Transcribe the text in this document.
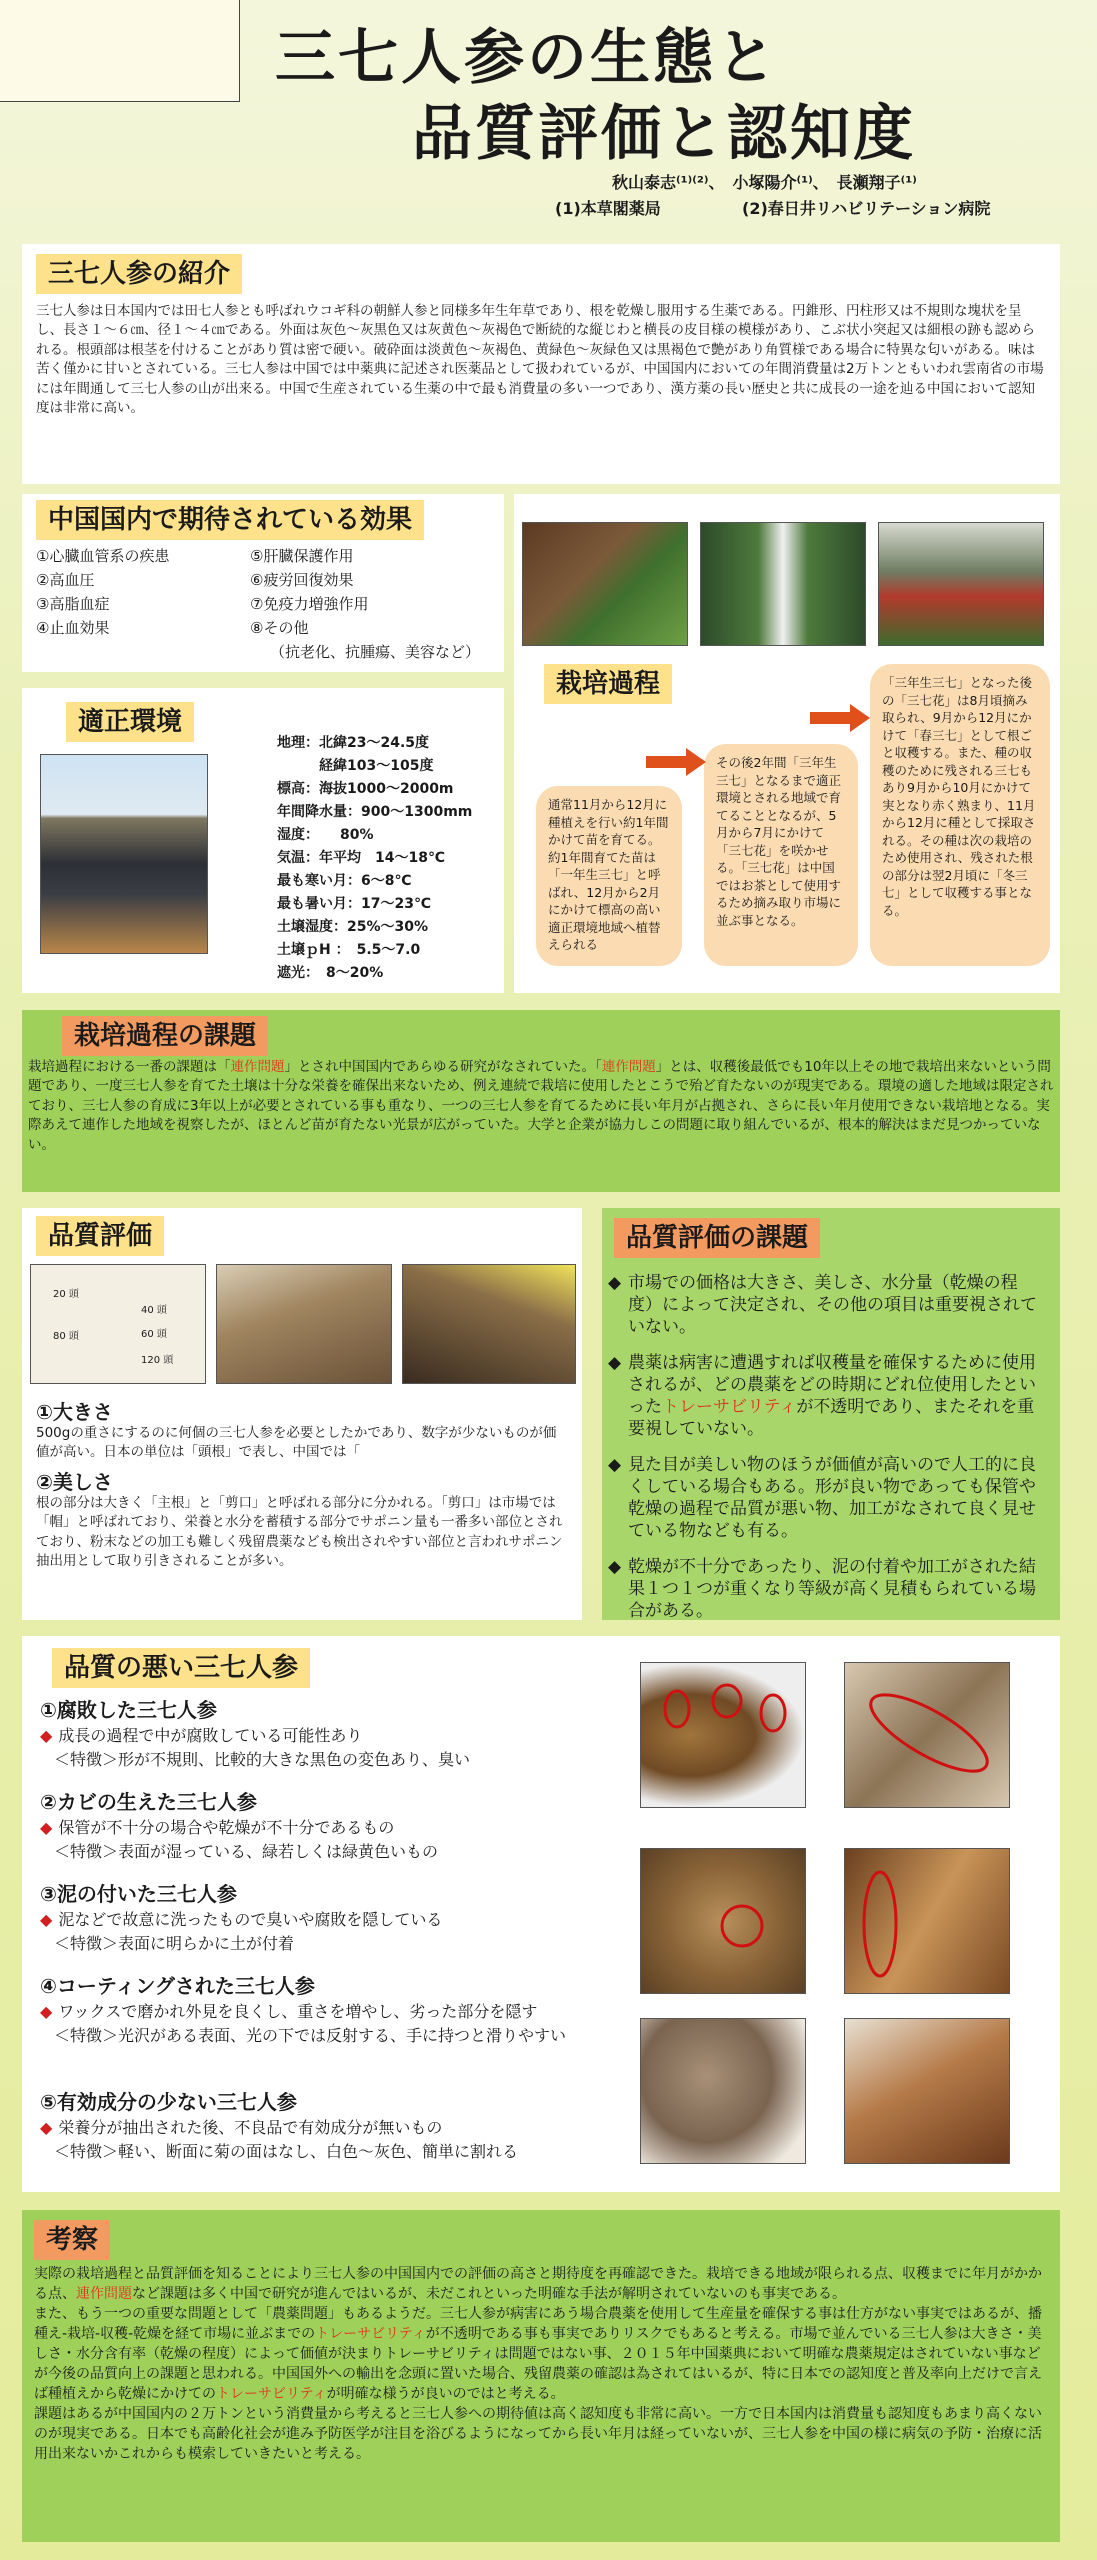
三七人参の生態と
品質評価と認知度
秋山泰志⁽¹⁾⁽²⁾、　小塚陽介⁽¹⁾、　長瀬翔子⁽¹⁾
(1)本草閣薬局	(2)春日井リハビリテーション病院
三七人参の紹介
三七人参は日本国内では田七人参とも呼ばれウコギ科の朝鮮人参と同様多年生年草であり、根を乾燥し服用する生薬である。円錐形、円柱形又は不規則な塊状を呈し、長さ１～６㎝、径１～４㎝である。外面は灰色～灰黒色又は灰黄色～灰褐色で断続的な縦じわと横長の皮目様の模様があり、こぶ状小突起又は細根の跡も認められる。根頭部は根茎を付けることがあり質は密で硬い。破砕面は淡黄色～灰褐色、黄緑色～灰緑色又は黒褐色で艶があり角質様である場合に特異な匂いがある。味は苦く僅かに甘いとされている。三七人参は中国では中薬典に記述され医薬品として扱われているが、中国国内においての年間消費量は2万トンともいわれ雲南省の市場には年間通して三七人参の山が出来る。中国で生産されている生薬の中で最も消費量の多い一つであり、漢方薬の長い歴史と共に成長の一途を辿る中国において認知度は非常に高い。
中国国内で期待されている効果
①心臓血管系の疾患
②高血圧
③高脂血症
④止血効果
⑤肝臓保護作用
⑥疲労回復効果
⑦免疫力増強作用
⑧その他
（抗老化、抗腫瘍、美容など）
適正環境
地理：北緯23～24.5度
　　　経緯103～105度
標高：海抜1000～2000m
年間降水量：900～1300mm
湿度：　　80%
気温：年平均　14～18℃
最も寒い月：6～8℃
最も暑い月：17～23℃
土壌湿度：25%～30%
土壌ｐH ：　5.5～7.0
遮光：　8～20%
栽培過程
通常11月から12月に種植えを行い約1年間かけて苗を育てる。約1年間育てた苗は「一年生三七」と呼ばれ、12月から2月にかけて標高の高い適正環境地域へ植替えられる
その後2年間「三年生三七」となるまで適正環境とされる地域で育てることとなるが、5月から7月にかけて「三七花」を咲かせる。「三七花」は中国ではお茶として使用するため摘み取り市場に並ぶ事となる。
「三年生三七」となった後の「三七花」は8月頃摘み取られ、9月から12月にかけて「春三七」として根ごと収穫する。また、種の収穫のために残される三七もあり9月から10月にかけて実となり赤く熟まり、11月から12月に種として採取される。その種は次の栽培のため使用され、残された根の部分は翌2月頃に「冬三七」として収穫する事となる。
栽培過程の課題
栽培過程における一番の課題は「連作問題」とされ中国国内であらゆる研究がなされていた。「連作問題」とは、収穫後最低でも10年以上その地で栽培出来ないという問題であり、一度三七人参を育てた土壌は十分な栄養を確保出来ないため、例え連続で栽培に使用したとこうで殆ど育たないのが現実である。環境の適した地域は限定されており、三七人参の育成に3年以上が必要とされている事も重なり、一つの三七人参を育てるために長い年月が占拠され、さらに長い年月使用できない栽培地となる。実際あえて連作した地域を視察したが、ほとんど苗が育たない光景が広がっていた。大学と企業が協力しこの問題に取り組んでいるが、根本的解決はまだ見つかっていない。
品質評価
20 頭
40 頭
60 頭
80 頭
120 頭
①大きさ
500gの重さにするのに何個の三七人参を必要としたかであり、数字が少ないものが価値が高い。日本の単位は「頭根」で表し、中国では「
②美しさ
根の部分は大きく「主根」と「剪口」と呼ばれる部分に分かれる。「剪口」は市場では「帽」と呼ばれており、栄養と水分を蓄積する部分でサポニン量も一番多い部位とされており、粉末などの加工も難しく残留農薬なども検出されやすい部位と言われサポニン抽出用として取り引きされることが多い。
品質評価の課題
◆ 市場での価格は大きさ、美しさ、水分量（乾燥の程度）によって決定され、その他の項目は重要視されていない。
◆ 農薬は病害に遭遇すれば収穫量を確保するために使用されるが、どの農薬をどの時期にどれ位使用したといったトレーサビリティが不透明であり、またそれを重要視していない。
◆ 見た目が美しい物のほうが価値が高いので人工的に良くしている場合もある。形が良い物であっても保管や乾燥の過程で品質が悪い物、加工がなされて良く見せている物なども有る。
◆ 乾燥が不十分であったり、泥の付着や加工がされた結果１つ１つが重くなり等級が高く見積もられている場合がある。
品質の悪い三七人参
①腐敗した三七人参

◆ 成長の過程で中が腐敗している可能性あり

＜特徴＞形が不規則、比較的大きな黒色の変色あり、臭い

②カビの生えた三七人参

◆ 保管が不十分の場合や乾燥が不十分であるもの

＜特徴＞表面が湿っている、緑若しくは緑黄色いもの

③泥の付いた三七人参

◆ 泥などで故意に洗ったもので臭いや腐敗を隠している

＜特徴＞表面に明らかに土が付着

④コーティングされた三七人参

◆ ワックスで磨かれ外見を良くし、重さを増やし、劣った部分を隠す

＜特徴＞光沢がある表面、光の下では反射する、手に持つと滑りやすい

⑤有効成分の少ない三七人参

◆ 栄養分が抽出された後、不良品で有効成分が無いもの

＜特徴＞軽い、断面に菊の面はなし、白色～灰色、簡単に割れる

考察
実際の栽培過程と品質評価を知ることにより三七人参の中国国内での評価の高さと期待度を再確認できた。栽培できる地域が限られる点、収穫までに年月がかかる点、連作問題など課題は多く中国で研究が進んではいるが、未だこれといった明確な手法が解明されていないのも事実である。
また、もう一つの重要な問題として「農薬問題」もあるようだ。三七人参が病害にあう場合農薬を使用して生産量を確保する事は仕方がない事実ではあるが、播種え-栽培-収穫-乾燥を経て市場に並ぶまでのトレーサビリティが不透明である事も事実でありリスクでもあると考える。市場で並んでいる三七人参は大きさ・美しさ・水分含有率（乾燥の程度）によって価値が決まりトレーサビリティは問題ではない事、２０１５年中国薬典において明確な農薬規定はされていない事などが今後の品質向上の課題と思われる。中国国外への輸出を念頭に置いた場合、残留農薬の確認は為されてはいるが、特に日本での認知度と普及率向上だけで言えば種植えから乾燥にかけてのトレーサビリティが明確な様うが良いのではと考える。
課題はあるが中国国内の２万トンという消費量から考えると三七人参への期待値は高く認知度も非常に高い。一方で日本国内は消費量も認知度もあまり高くないのが現実である。日本でも高齢化社会が進み予防医学が注目を浴びるようになってから長い年月は経っていないが、三七人参を中国の様に病気の予防・治療に活用出来ないかこれからも模索していきたいと考える。
